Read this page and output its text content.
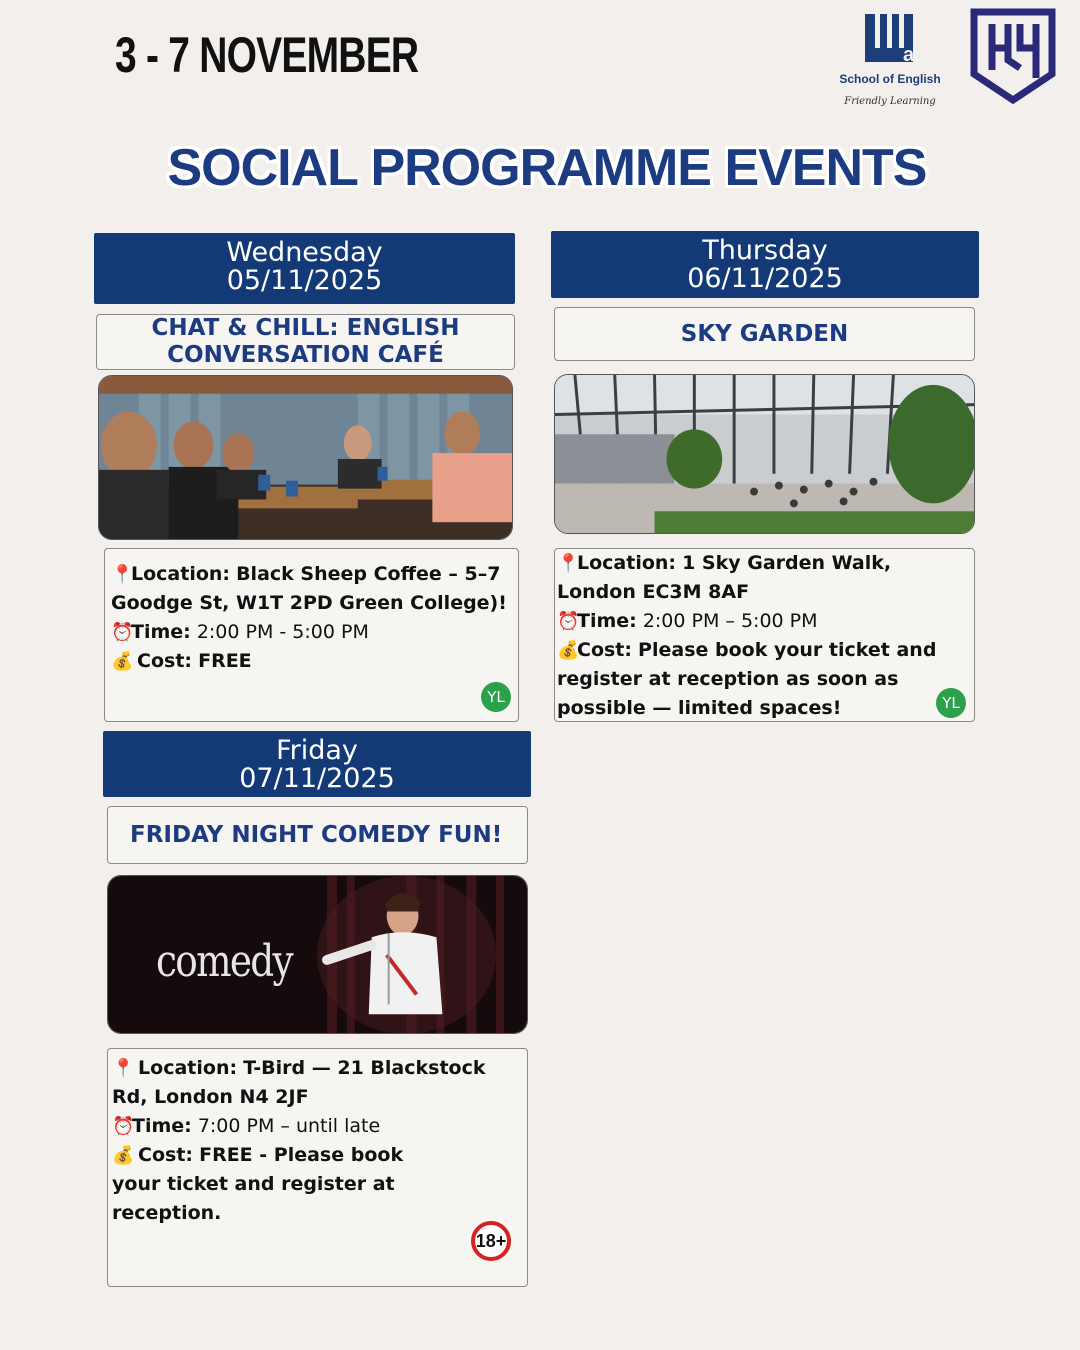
3 - 7 NOVEMBER	abc
School of English
Friendly Learning
SOCIAL PROGRAMME EVENTS
Wednesday
05/11/2025
CHAT & CHILL: ENGLISH CONVERSATION CAFÉ
📍Location: Black Sheep Coffee – 5–7 Goodge St, W1T 2PD Green College)!
⏰Time: 2:00 PM - 5:00 PM
💰 Cost: FREE
YL
Thursday
06/11/2025
SKY GARDEN
📍Location: 1 Sky Garden Walk, London EC3M 8AF
⏰Time: 2:00 PM – 5:00 PM
💰Cost: Please book your ticket and register at reception as soon as possible — limited spaces!	YL
Friday
07/11/2025
FRIDAY NIGHT COMEDY FUN!
comedy
📍 Location: T-Bird — 21 Blackstock Rd, London N4 2JF
⏰Time: 7:00 PM – until late
💰 Cost: FREE - Please book your ticket and register at reception.
18+
